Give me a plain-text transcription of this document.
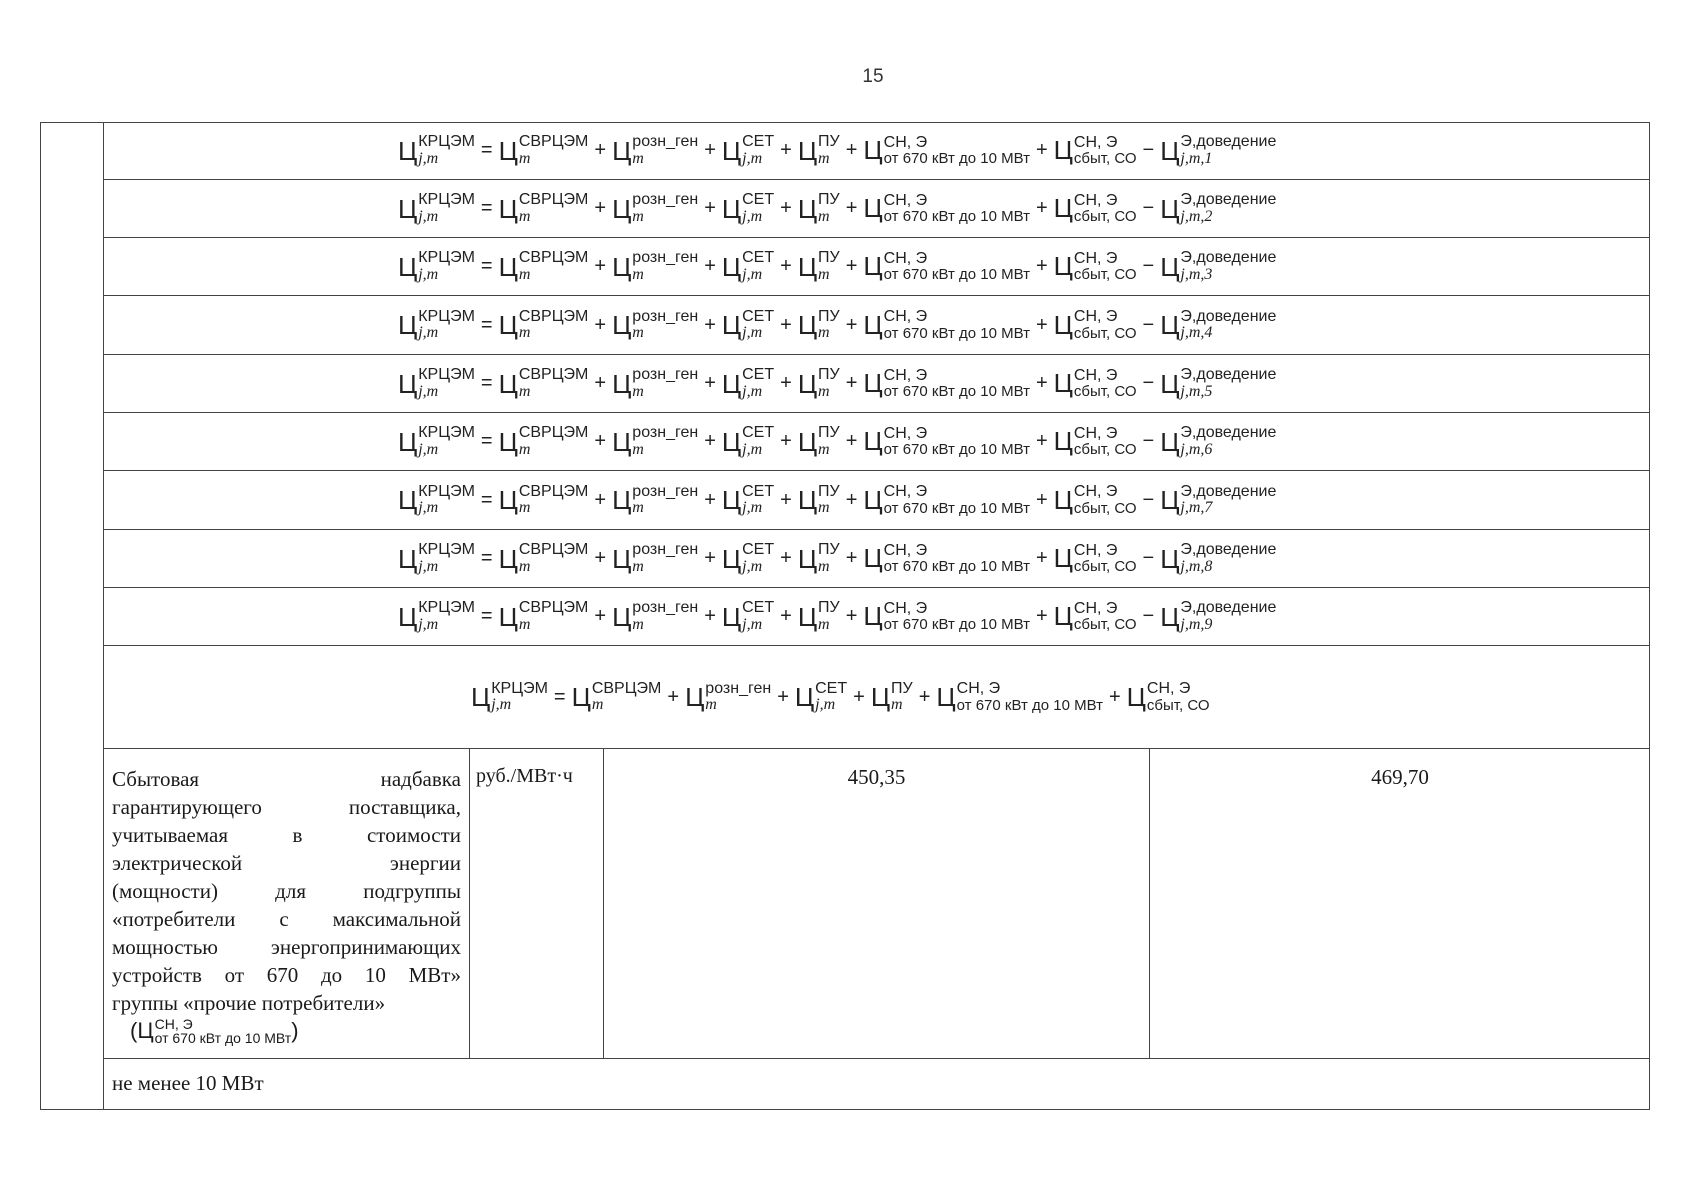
15
Ц КРЦЭМ
j,m	= Ц СВРЦЭМ
m	+ Ц розн_ген
m	+ Ц СЕТ
j,m + Ц ПУ
m + Ц СН, Э
от 670 кВт до 10 МВт + Ц СН, Э
сбыт, СО − Ц Э,доведение
j,m,1
Ц КРЦЭМ
j,m	= Ц СВРЦЭМ
m	+ Ц розн_ген
m	+ Ц СЕТ
j,m + Ц ПУ
m + Ц СН, Э
от 670 кВт до 10 МВт + Ц СН, Э
сбыт, СО − Ц Э,доведение
j,m,2
Ц КРЦЭМ
j,m	= Ц СВРЦЭМ
m	+ Ц розн_ген
m	+ Ц СЕТ
j,m + Ц ПУ
m + Ц СН, Э
от 670 кВт до 10 МВт + Ц СН, Э
сбыт, СО − Ц Э,доведение
j,m,3
Ц КРЦЭМ
j,m	= Ц СВРЦЭМ
m	+ Ц розн_ген
m	+ Ц СЕТ
j,m + Ц ПУ
m + Ц СН, Э
от 670 кВт до 10 МВт + Ц СН, Э
сбыт, СО − Ц Э,доведение
j,m,4
Ц КРЦЭМ
j,m	= Ц СВРЦЭМ
m	+ Ц розн_ген
m	+ Ц СЕТ
j,m + Ц ПУ
m + Ц СН, Э
от 670 кВт до 10 МВт + Ц СН, Э
сбыт, СО − Ц Э,доведение
j,m,5
Ц КРЦЭМ
j,m	= Ц СВРЦЭМ
m	+ Ц розн_ген
m	+ Ц СЕТ
j,m + Ц ПУ
m + Ц СН, Э
от 670 кВт до 10 МВт + Ц СН, Э
сбыт, СО − Ц Э,доведение
j,m,6
Ц КРЦЭМ
j,m	= Ц СВРЦЭМ
m	+ Ц розн_ген
m	+ Ц СЕТ
j,m + Ц ПУ
m + Ц СН, Э
от 670 кВт до 10 МВт + Ц СН, Э
сбыт, СО − Ц Э,доведение
j,m,7
Ц КРЦЭМ
j,m	= Ц СВРЦЭМ
m	+ Ц розн_ген
m	+ Ц СЕТ
j,m + Ц ПУ
m + Ц СН, Э
от 670 кВт до 10 МВт + Ц СН, Э
сбыт, СО − Ц Э,доведение
j,m,8
Ц КРЦЭМ
j,m	= Ц СВРЦЭМ
m	+ Ц розн_ген
m	+ Ц СЕТ
j,m + Ц ПУ
m + Ц СН, Э
от 670 кВт до 10 МВт + Ц СН, Э
сбыт, СО − Ц Э,доведение
j,m,9
Ц КРЦЭМ
j,m	= Ц СВРЦЭМ
m	+ Ц розн_ген
m	+ Ц СЕТ
j,m + Ц ПУ
m + Ц СН, Э
от 670 кВт до 10 МВт + Ц СН, Э
сбыт, СО
Сбытовая надбавка
гарантирующего поставщика,
учитываемая в стоимости
электрической энергии
(мощности) для подгруппы
«потребители с максимальной
мощностью энергопринимающих
устройств от 670 до 10 МВт»
группы «прочие потребители»
( Ц СН, Э
от 670 кВт до 10 МВт )
руб./МВт·ч	450,35	469,70
не менее 10 МВт
